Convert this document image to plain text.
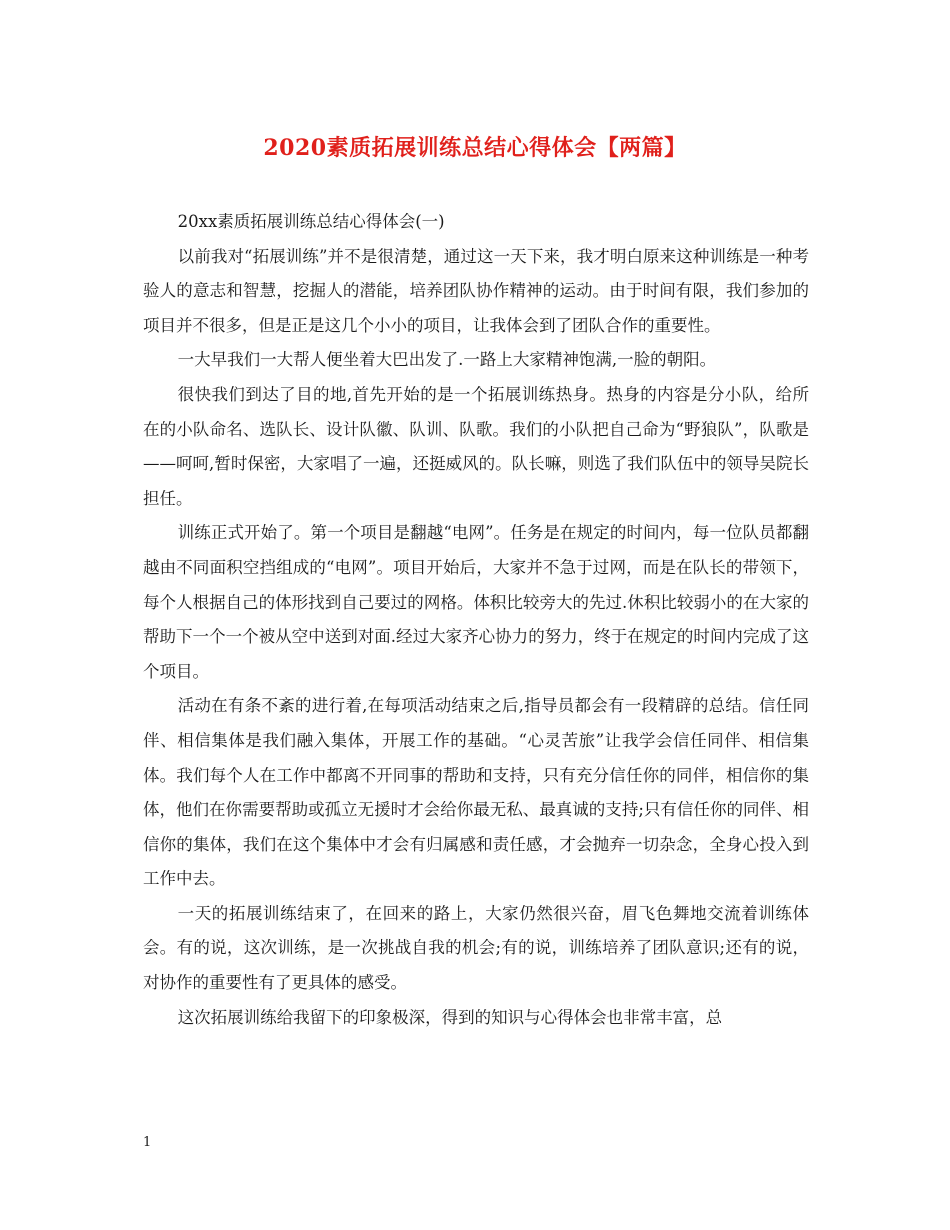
2020素质拓展训练总结心得体会【两篇】

20xx素质拓展训练总结心得体会(一)

以前我对“拓展训练”并不是很清楚，通过这一天下来，我才明白原来这种训练是一种考验人的意志和智慧，挖掘人的潜能，培养团队协作精神的运动。由于时间有限，我们参加的项目并不很多，但是正是这几个小小的项目，让我体会到了团队合作的重要性。

一大早我们一大帮人便坐着大巴出发了.一路上大家精神饱满,一脸的朝阳。

很快我们到达了目的地,首先开始的是一个拓展训练热身。热身的内容是分小队，给所在的小队命名、选队长、设计队徽、队训、队歌。我们的小队把自己命为“野狼队”，队歌是——呵呵,暂时保密，大家唱了一遍，还挺威风的。队长嘛，则选了我们队伍中的领导吴院长担任。

训练正式开始了。第一个项目是翻越“电网”。任务是在规定的时间内，每一位队员都翻越由不同面积空挡组成的“电网”。项目开始后，大家并不急于过网，而是在队长的带领下，每个人根据自己的体形找到自己要过的网格。体积比较旁大的先过.休积比较弱小的在大家的帮助下一个一个被从空中送到对面.经过大家齐心协力的努力，终于在规定的时间内完成了这个项目。

活动在有条不紊的进行着,在每项活动结束之后,指导员都会有一段精辟的总结。信任同伴、相信集体是我们融入集体，开展工作的基础。“心灵苦旅”让我学会信任同伴、相信集体。我们每个人在工作中都离不开同事的帮助和支持，只有充分信任你的同伴，相信你的集体，他们在你需要帮助或孤立无援时才会给你最无私、最真诚的支持;只有信任你的同伴、相信你的集体，我们在这个集体中才会有归属感和责任感，才会抛弃一切杂念，全身心投入到工作中去。

一天的拓展训练结束了，在回来的路上，大家仍然很兴奋，眉飞色舞地交流着训练体会。有的说，这次训练，是一次挑战自我的机会;有的说，训练培养了团队意识;还有的说，对协作的重要性有了更具体的感受。

这次拓展训练给我留下的印象极深，得到的知识与心得体会也非常丰富，总

1
